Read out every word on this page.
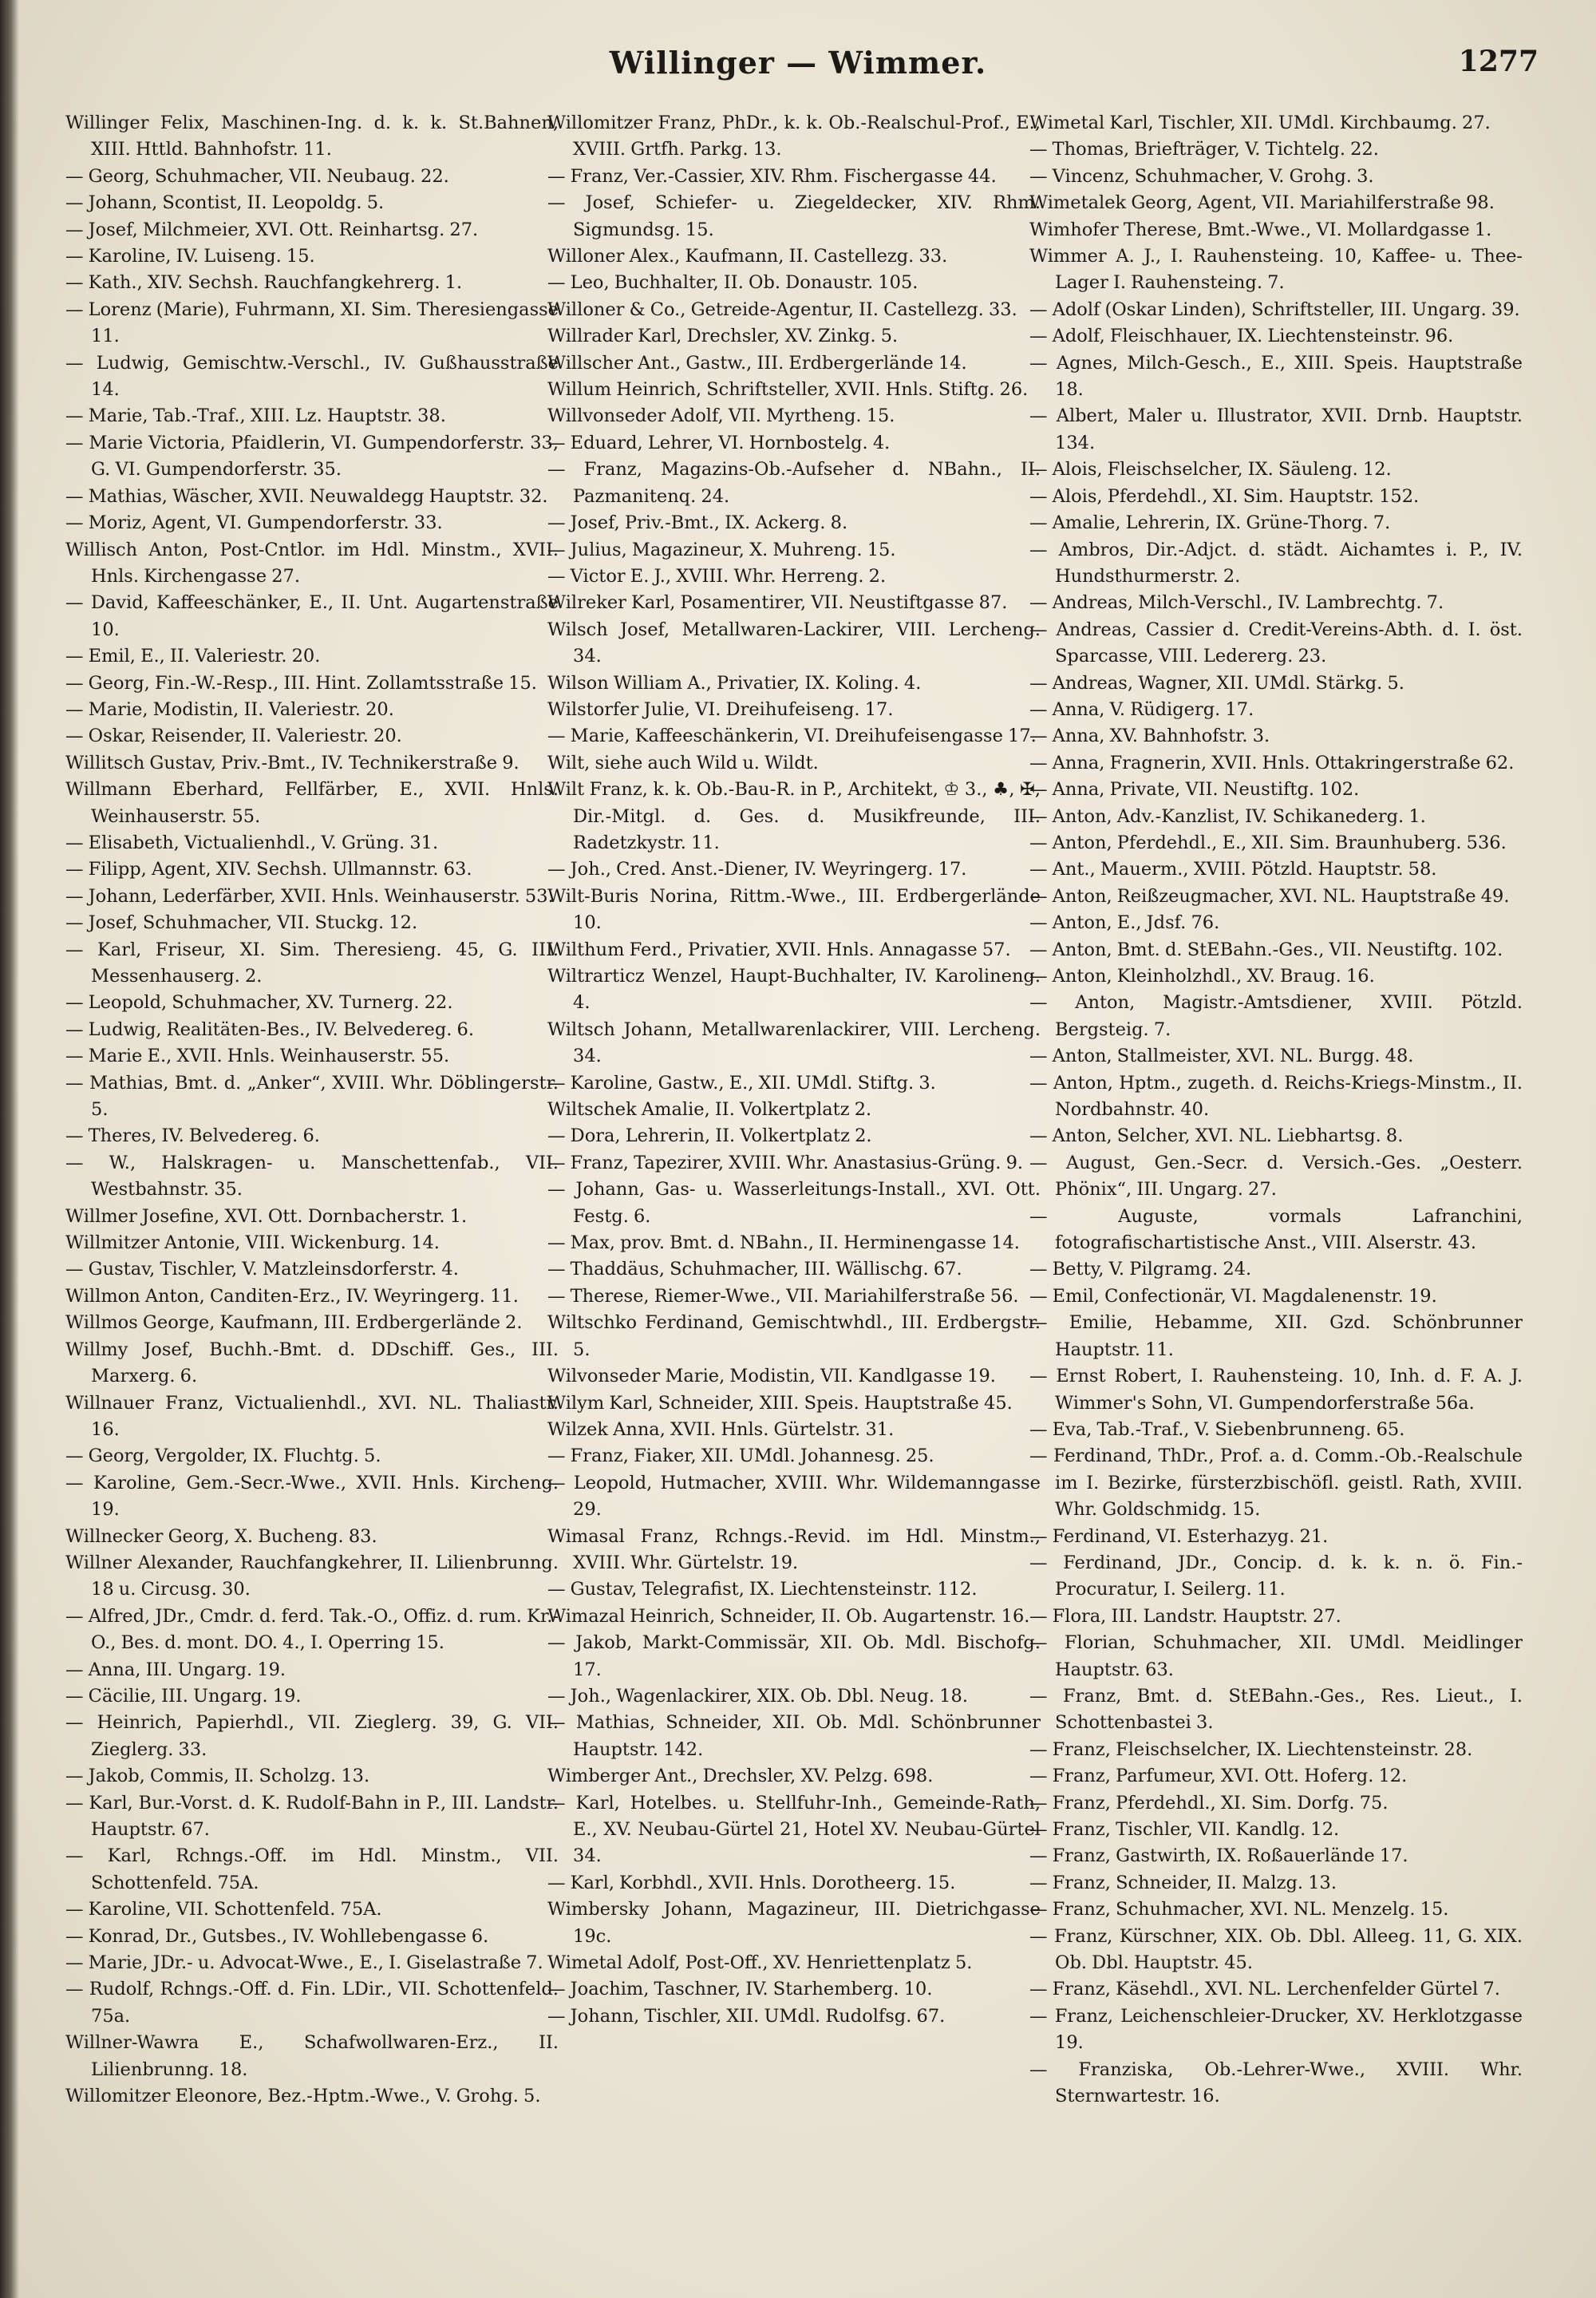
Willinger — Wimmer.	1277

Willinger Felix, Maschinen-Ing. d. k. k. St.Bahnen, XIII. Httld. Bahnhofstr. 11.

— Georg, Schuhmacher, VII. Neubaug. 22.

— Johann, Scontist, II. Leopoldg. 5.

— Josef, Milchmeier, XVI. Ott. Reinhartsg. 27.

— Karoline, IV. Luiseng. 15.

— Kath., XIV. Sechsh. Rauchfangkehrerg. 1.

— Lorenz (Marie), Fuhrmann, XI. Sim. Theresiengasse 11.

— Ludwig, Gemischtw.-Verschl., IV. Gußhausstraße 14.

— Marie, Tab.-Traf., XIII. Lz. Hauptstr. 38.

— Marie Victoria, Pfaidlerin, VI. Gumpendorferstr. 33, G. VI. Gumpendorferstr. 35.

— Mathias, Wäscher, XVII. Neuwaldegg Hauptstr. 32.

— Moriz, Agent, VI. Gumpendorferstr. 33.

Willisch Anton, Post-Cntlor. im Hdl. Minstm., XVII. Hnls. Kirchengasse 27.

— David, Kaffeeschänker, E., II. Unt. Augartenstraße 10.

— Emil, E., II. Valeriestr. 20.

— Georg, Fin.-W.-Resp., III. Hint. Zollamtsstraße 15.

— Marie, Modistin, II. Valeriestr. 20.

— Oskar, Reisender, II. Valeriestr. 20.

Willitsch Gustav, Priv.-Bmt., IV. Technikerstraße 9.

Willmann Eberhard, Fellfärber, E., XVII. Hnls. Weinhauserstr. 55.

— Elisabeth, Victualienhdl., V. Grüng. 31.

— Filipp, Agent, XIV. Sechsh. Ullmannstr. 63.

— Johann, Lederfärber, XVII. Hnls. Weinhauserstr. 53.

— Josef, Schuhmacher, VII. Stuckg. 12.

— Karl, Friseur, XI. Sim. Theresieng. 45, G. III. Messenhauserg. 2.

— Leopold, Schuhmacher, XV. Turnerg. 22.

— Ludwig, Realitäten-Bes., IV. Belvedereg. 6.

— Marie E., XVII. Hnls. Weinhauserstr. 55.

— Mathias, Bmt. d. „Anker“, XVIII. Whr. Döblingerstr. 5.

— Theres, IV. Belvedereg. 6.

— W., Halskragen- u. Manschettenfab., VII. Westbahnstr. 35.

Willmer Josefine, XVI. Ott. Dornbacherstr. 1.

Willmitzer Antonie, VIII. Wickenburg. 14.

— Gustav, Tischler, V. Matzleinsdorferstr. 4.

Willmon Anton, Canditen-Erz., IV. Weyringerg. 11.

Willmos George, Kaufmann, III. Erdbergerlände 2.

Willmy Josef, Buchh.-Bmt. d. DDschiff. Ges., III. Marxerg. 6.

Willnauer Franz, Victualienhdl., XVI. NL. Thaliastr. 16.

— Georg, Vergolder, IX. Fluchtg. 5.

— Karoline, Gem.-Secr.-Wwe., XVII. Hnls. Kircheng. 19.

Willnecker Georg, X. Bucheng. 83.

Willner Alexander, Rauchfangkehrer, II. Lilienbrunng. 18 u. Circusg. 30.

— Alfred, JDr., Cmdr. d. ferd. Tak.-O., Offiz. d. rum. Kr.-O., Bes. d. mont. DO. 4., I. Operring 15.

— Anna, III. Ungarg. 19.

— Cäcilie, III. Ungarg. 19.

— Heinrich, Papierhdl., VII. Zieglerg. 39, G. VII. Zieglerg. 33.

— Jakob, Commis, II. Scholzg. 13.

— Karl, Bur.-Vorst. d. K. Rudolf-Bahn in P., III. Landstr. Hauptstr. 67.

— Karl, Rchngs.-Off. im Hdl. Minstm., VII. Schottenfeld. 75A.

— Karoline, VII. Schottenfeld. 75A.

— Konrad, Dr., Gutsbes., IV. Wohllebengasse 6.

— Marie, JDr.- u. Advocat-Wwe., E., I. Giselastraße 7.

— Rudolf, Rchngs.-Off. d. Fin. LDir., VII. Schottenfeld. 75a.

Willner-Wawra E., Schafwollwaren-Erz., II. Lilienbrunng. 18.

Willomitzer Eleonore, Bez.-Hptm.-Wwe., V. Grohg. 5.

Willomitzer Franz, PhDr., k. k. Ob.-Realschul-Prof., E., XVIII. Grtfh. Parkg. 13.

— Franz, Ver.-Cassier, XIV. Rhm. Fischergasse 44.

— Josef, Schiefer- u. Ziegeldecker, XIV. Rhm. Sigmundsg. 15.

Willoner Alex., Kaufmann, II. Castellezg. 33.

— Leo, Buchhalter, II. Ob. Donaustr. 105.

Willoner & Co., Getreide-Agentur, II. Castellezg. 33.

Willrader Karl, Drechsler, XV. Zinkg. 5.

Willscher Ant., Gastw., III. Erdbergerlände 14.

Willum Heinrich, Schriftsteller, XVII. Hnls. Stiftg. 26.

Willvonseder Adolf, VII. Myrtheng. 15.

— Eduard, Lehrer, VI. Hornbostelg. 4.

— Franz, Magazins-Ob.-Aufseher d. NBahn., II. Pazmanitenq. 24.

— Josef, Priv.-Bmt., IX. Ackerg. 8.

— Julius, Magazineur, X. Muhreng. 15.

— Victor E. J., XVIII. Whr. Herreng. 2.

Wilreker Karl, Posamentirer, VII. Neustiftgasse 87.

Wilsch Josef, Metallwaren-Lackirer, VIII. Lercheng. 34.

Wilson William A., Privatier, IX. Koling. 4.

Wilstorfer Julie, VI. Dreihufeiseng. 17.

— Marie, Kaffeeschänkerin, VI. Dreihufeisengasse 17.

Wilt, siehe auch Wild u. Wildt.

Wilt Franz, k. k. Ob.-Bau-R. in P., Architekt, ♔ 3., ♣, ✠, Dir.-Mitgl. d. Ges. d. Musikfreunde, III. Radetzkystr. 11.

— Joh., Cred. Anst.-Diener, IV. Weyringerg. 17.

Wilt-Buris Norina, Rittm.-Wwe., III. Erdbergerlände 10.

Wilthum Ferd., Privatier, XVII. Hnls. Annagasse 57.

Wiltrarticz Wenzel, Haupt-Buchhalter, IV. Karolineng. 4.

Wiltsch Johann, Metallwarenlackirer, VIII. Lercheng. 34.

— Karoline, Gastw., E., XII. UMdl. Stiftg. 3.

Wiltschek Amalie, II. Volkertplatz 2.

— Dora, Lehrerin, II. Volkertplatz 2.

— Franz, Tapezirer, XVIII. Whr. Anastasius-Grüng. 9.

— Johann, Gas- u. Wasserleitungs-Install., XVI. Ott. Festg. 6.

— Max, prov. Bmt. d. NBahn., II. Herminengasse 14.

— Thaddäus, Schuhmacher, III. Wällischg. 67.

— Therese, Riemer-Wwe., VII. Mariahilferstraße 56.

Wiltschko Ferdinand, Gemischtwhdl., III. Erdbergstr. 5.

Wilvonseder Marie, Modistin, VII. Kandlgasse 19.

Wilym Karl, Schneider, XIII. Speis. Hauptstraße 45.

Wilzek Anna, XVII. Hnls. Gürtelstr. 31.

— Franz, Fiaker, XII. UMdl. Johannesg. 25.

— Leopold, Hutmacher, XVIII. Whr. Wildemanngasse 29.

Wimasal Franz, Rchngs.-Revid. im Hdl. Minstm., XVIII. Whr. Gürtelstr. 19.

— Gustav, Telegrafist, IX. Liechtensteinstr. 112.

Wimazal Heinrich, Schneider, II. Ob. Augartenstr. 16.

— Jakob, Markt-Commissär, XII. Ob. Mdl. Bischofg. 17.

— Joh., Wagenlackirer, XIX. Ob. Dbl. Neug. 18.

— Mathias, Schneider, XII. Ob. Mdl. Schönbrunner Hauptstr. 142.

Wimberger Ant., Drechsler, XV. Pelzg. 698.

— Karl, Hotelbes. u. Stellfuhr-Inh., Gemeinde-Rath, E., XV. Neubau-Gürtel 21, Hotel XV. Neubau-Gürtel 34.

— Karl, Korbhdl., XVII. Hnls. Dorotheerg. 15.

Wimbersky Johann, Magazineur, III. Dietrichgasse 19c.

Wimetal Adolf, Post-Off., XV. Henriettenplatz 5.

— Joachim, Taschner, IV. Starhemberg. 10.

— Johann, Tischler, XII. UMdl. Rudolfsg. 67.

Wimetal Karl, Tischler, XII. UMdl. Kirchbaumg. 27.

— Thomas, Briefträger, V. Tichtelg. 22.

— Vincenz, Schuhmacher, V. Grohg. 3.

Wimetalek Georg, Agent, VII. Mariahilferstraße 98.

Wimhofer Therese, Bmt.-Wwe., VI. Mollardgasse 1.

Wimmer A. J., I. Rauhensteing. 10, Kaffee- u. Thee-Lager I. Rauhensteing. 7.

— Adolf (Oskar Linden), Schriftsteller, III. Ungarg. 39.

— Adolf, Fleischhauer, IX. Liechtensteinstr. 96.

— Agnes, Milch-Gesch., E., XIII. Speis. Hauptstraße 18.

— Albert, Maler u. Illustrator, XVII. Drnb. Hauptstr. 134.

— Alois, Fleischselcher, IX. Säuleng. 12.

— Alois, Pferdehdl., XI. Sim. Hauptstr. 152.

— Amalie, Lehrerin, IX. Grüne-Thorg. 7.

— Ambros, Dir.-Adjct. d. städt. Aichamtes i. P., IV. Hundsthurmerstr. 2.

— Andreas, Milch-Verschl., IV. Lambrechtg. 7.

— Andreas, Cassier d. Credit-Vereins-Abth. d. I. öst. Sparcasse, VIII. Ledererg. 23.

— Andreas, Wagner, XII. UMdl. Stärkg. 5.

— Anna, V. Rüdigerg. 17.

— Anna, XV. Bahnhofstr. 3.

— Anna, Fragnerin, XVII. Hnls. Ottakringerstraße 62.

— Anna, Private, VII. Neustiftg. 102.

— Anton, Adv.-Kanzlist, IV. Schikanederg. 1.

— Anton, Pferdehdl., E., XII. Sim. Braunhuberg. 536.

— Ant., Mauerm., XVIII. Pötzld. Hauptstr. 58.

— Anton, Reißzeugmacher, XVI. NL. Hauptstraße 49.

— Anton, E., Jdsf. 76.

— Anton, Bmt. d. StEBahn.-Ges., VII. Neustiftg. 102.

— Anton, Kleinholzhdl., XV. Braug. 16.

— Anton, Magistr.-Amtsdiener, XVIII. Pötzld. Bergsteig. 7.

— Anton, Stallmeister, XVI. NL. Burgg. 48.

— Anton, Hptm., zugeth. d. Reichs-Kriegs-Minstm., II. Nordbahnstr. 40.

— Anton, Selcher, XVI. NL. Liebhartsg. 8.

— August, Gen.-Secr. d. Versich.-Ges. „Oesterr. Phönix“, III. Ungarg. 27.

— Auguste, vormals Lafranchini, fotografischartistische Anst., VIII. Alserstr. 43.

— Betty, V. Pilgramg. 24.

— Emil, Confectionär, VI. Magdalenenstr. 19.

— Emilie, Hebamme, XII. Gzd. Schönbrunner Hauptstr. 11.

— Ernst Robert, I. Rauhensteing. 10, Inh. d. F. A. J. Wimmer's Sohn, VI. Gumpendorferstraße 56a.

— Eva, Tab.-Traf., V. Siebenbrunneng. 65.

— Ferdinand, ThDr., Prof. a. d. Comm.-Ob.-Realschule im I. Bezirke, fürsterzbischöfl. geistl. Rath, XVIII. Whr. Goldschmidg. 15.

— Ferdinand, VI. Esterhazyg. 21.

— Ferdinand, JDr., Concip. d. k. k. n. ö. Fin.-Procuratur, I. Seilerg. 11.

— Flora, III. Landstr. Hauptstr. 27.

— Florian, Schuhmacher, XII. UMdl. Meidlinger Hauptstr. 63.

— Franz, Bmt. d. StEBahn.-Ges., Res. Lieut., I. Schottenbastei 3.

— Franz, Fleischselcher, IX. Liechtensteinstr. 28.

— Franz, Parfumeur, XVI. Ott. Hoferg. 12.

— Franz, Pferdehdl., XI. Sim. Dorfg. 75.

— Franz, Tischler, VII. Kandlg. 12.

— Franz, Gastwirth, IX. Roßauerlände 17.

— Franz, Schneider, II. Malzg. 13.

— Franz, Schuhmacher, XVI. NL. Menzelg. 15.

— Franz, Kürschner, XIX. Ob. Dbl. Alleeg. 11, G. XIX. Ob. Dbl. Hauptstr. 45.

— Franz, Käsehdl., XVI. NL. Lerchenfelder Gürtel 7.

— Franz, Leichenschleier-Drucker, XV. Herklotzgasse 19.

— Franziska, Ob.-Lehrer-Wwe., XVIII. Whr. Sternwartestr. 16.
